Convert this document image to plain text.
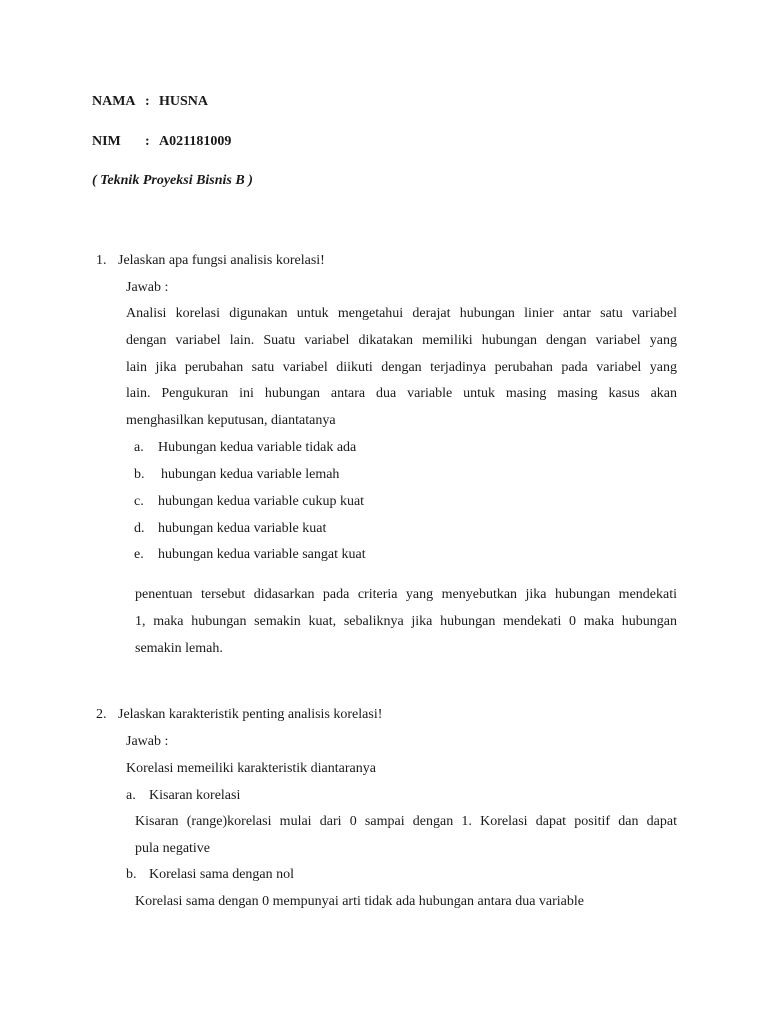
NAMA : HUSNA
NIM : A021181009
( Teknik Proyeksi Bisnis B )
1. Jelaskan apa fungsi analisis korelasi!
Jawab :
Analisi korelasi digunakan untuk mengetahui derajat hubungan linier antar satu variabel
dengan variabel lain. Suatu variabel dikatakan memiliki hubungan dengan variabel yang
lain jika perubahan satu variabel diikuti dengan terjadinya perubahan pada variabel yang
lain. Pengukuran ini hubungan antara dua variable untuk masing masing kasus akan
menghasilkan keputusan, diantatanya
a. Hubungan kedua variable tidak ada
b. hubungan kedua variable lemah
c. hubungan kedua variable cukup kuat
d. hubungan kedua variable kuat
e. hubungan kedua variable sangat kuat
penentuan tersebut didasarkan pada criteria yang menyebutkan jika hubungan mendekati
1, maka hubungan semakin kuat, sebaliknya jika hubungan mendekati 0 maka hubungan
semakin lemah.
2. Jelaskan karakteristik penting analisis korelasi!
Jawab :
Korelasi memeiliki karakteristik diantaranya
a. Kisaran korelasi
Kisaran (range)korelasi mulai dari 0 sampai dengan 1. Korelasi dapat positif dan dapat
pula negative
b. Korelasi sama dengan nol
Korelasi sama dengan 0 mempunyai arti tidak ada hubungan antara dua variable
